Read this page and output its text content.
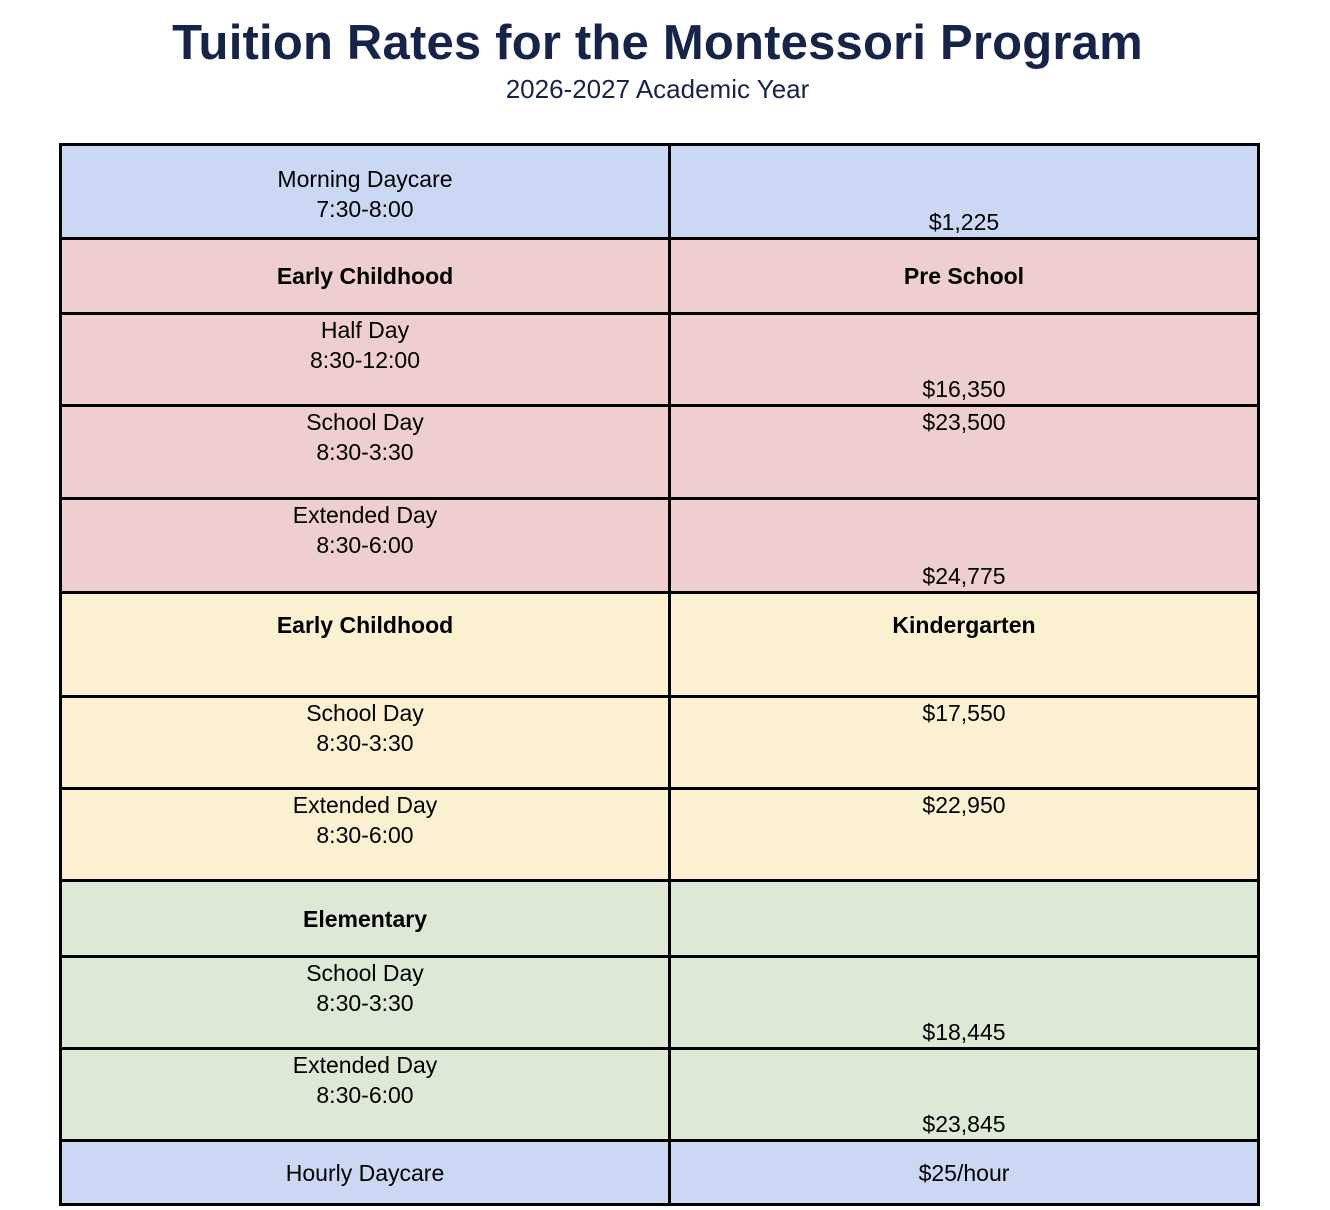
Tuition Rates for the Montessori Program
2026-2027 Academic Year
Morning Daycare
7:30-8:00	$1,225
Early Childhood	Pre School

Half Day
8:30-12:00	$16,350

School Day
8:30-3:30	$23,500

Extended Day
8:30-6:00	$24,775
Early Childhood	Kindergarten

School Day
8:30-3:30	$17,550

Extended Day
8:30-6:00	$22,950
Elementary	

School Day
8:30-3:30	$18,445

Extended Day
8:30-6:00	$23,845
Hourly Daycare	$25/hour
